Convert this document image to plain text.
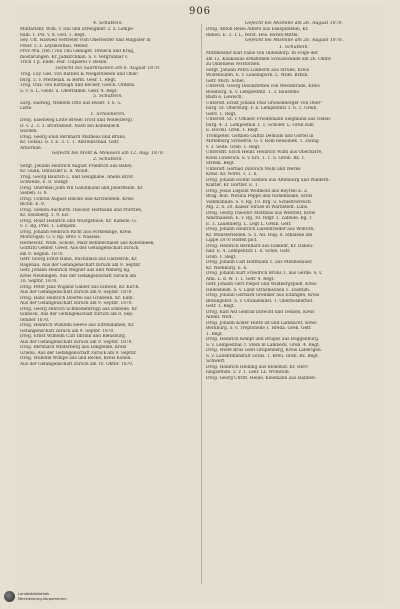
906
4. Schüttein.
Militärlehr. Wilh. v. Hal und Strengmer. 2. z. Lempe-
huhl. 1. Pol. v. 8. Gvd. 1. Regt.
Sey. Ult. Haswell Vertreter vom Oberlehrer und Magister in
Poter. 2. z. Leydesuthal. Weber.
Prov.-Wn. (ret.) von Thü Genuger, Dreieck und Krug,
mostarungen. Kr. Jüdkirchhan. S. v. Vergrunbar v.
Trich 1 p. Ende. Feir. Tulpierel v. Besim.
Gefecht bei Saarbrücken am 6. August 1870.
Trog. Luy. Ges. von Rathen & Wiegersleben und Ober-
burg. 5. v. Pferdelah. & Berm. Gesr. 1. Regt.
Trog. Dux. von Koltbugh und Reclier, Gesch. Ordens.
S. v. S. L. Geißl. u. Oberflamm. Gesr. 4. Regt.
5. Schüttein.
Zarg. Hadwig, Wilhelm Otto aus Buser. T. S. 5.
Lißfe.
1. Schöeberen.
Drog. Eisenweg Lotte Bresel Trost und Wolle(berg).
D. v. 2. 3. 3. Brorbsmeit. Nach bei Kollenbech
worden.
Drog. Georg Enid Bernhard Matheus und Bruns,
Kr. Gofaul. G. v. E. 3. 1. 1. Amreinschall. Gefr.
Arbörnde.
Gefecht bei Mont & Mousson am 12. Aug. 1870.
2. Schüttein.
Sergt. Johann Heinrich August Friedrich aus Babel,
Kr. Gulik, Gfiraciler E. 8. Woulf.
Trog. Georg Baurich L. und Leuignabe. Ahebs Birot.
Schwelle, E. 8. Volkgr.
Drog. Obermeil John Wil Gaholmann und Joberfleide. Kr.
Sieben. G. 9.
Drog. Conrad August Hincke und Kirchenfeld, Kreis
Bichb. E. 9.
Drog. Gieben Auchurth Theodor Hermann und Pfortten,
Kr. Sensberg. 1. 9. Eir.
Drog. Hoist Heinrich und Wüstgebüse, Kr. Rahsde. G.
v. 1. Rg. Pres. 1. Lempsm.
Drog. Johann Heinrich Richt aus Forkedinge, Kreis
Morsrogsb. G. v. Rp. Brev. v. Nassels.
Hornewitz. Wille. Schöle, Maxt Behnfechanst aus Kobenbeek,
Golftrin Gemer, Greef. Aus der Gefangenschaft zurück
am 9. Segilin. 1870.
Gefr. Georg Ernst Hahn, Rüchilinss aus Gaitzerob, Kr.
Ragenau. Aus der Gefangenschaft zurück am 9. Septbr.
Gefr. Johann Heinrich Wegner aus und Waberg ng.
Kreis Neubingen. Aus der Gefangenschaft zurück am
10. Septbr. 1870.
Drog. Peter Jaus Wigand Gabler aus Einwell, Kr. Kirch.
Aus der Gefangenschaft zurück am 9. Septbr. 1870.
Drog. Hans Heinrich Doerfel aus Grüßenn, Kr. Einb.
Aus der Gefangenschaft zurück am 9. Septbr. 1870.
Drog. Georg Hinrich Schmedentropp aus Embede, Kr.
Einbeck. Aus der Gefangenschaft zurück am 8. Sep-
tember 1870.
Drog. Heinrich Wilhelm Heeve aus Elfrendamen, Kr.
Gefangenschaft zurück am 9. Septbr. 1870.
Drog. Ernst Wilhelm Carl Ilbrink und Bleusburg.
Aus der Gefangenschaft zurück am 9. Septbr. 1870.
Drog. Bernhard Wilderberg aus Lengfelde, Kreis
Grieba. Aus der Gefangenschaft zurück am 9. Septbr.
Drog. Wilhelm Wimpe aus und Becke, Kreis Konen.
Aus der Gefangenschaft zurück am 10. Oktbr. 1870.
Gefecht bei Mismille am 26. August 1870.
Drog. Anton Reise Albers aus Eisleplatenei, Kr.
Renen. E. 3. T. L. Verst. Hes. Buren-Mittel.
Gefecht bei Mismille am 26. August 1870.
1. Schüttein.
Mittmeister Karl Fazie von Oldendorp. In Folge der
am 12. Kaukasius erhaltenen Schusswunde am 26. Oktbr.
zu Oldenbeis verstorben.
Sergt. Johann Petra Ludherst aus Struke, Kreis
Wolfshaufen. E. v. Lauenapurk. L. Wille. Brbsn.
Gefr. Mich. Schel.
Unteroff. Georg Dieckstetten von Westenrade, Kreis
Bossburg. E. v. Lempesthtz. 1. 3. Baustelle
Basti e. Lewisch.
Unteroff. Ernst Johann Paul Griesenberger von Ober-
burg. St. Oberburg. F. b. Lempestiltz 1. 6. 1. Greib.
Gerd. 1. Regt.
Unteroff. St. v. Omaelc Friedemann Siegmund aus Olden-
burg. 4. 3. Lempesthal. t. 1. Schöler. L. Greb zum
E. Hovell. Greb. 1. Regt.
Trompeter. Gottlieb Gültuf Demuds und Görtel in
Mittelburg Schwerin. G. v. Rom bensunek. 1. Zwing
v. 3. Seite. Greb. 1. Regt.
Unterofft. Erich Heinr. Heinrich Wilm aus Oberbarre,
Kreis Lowerich. S. v. Ers. 1. 1. S. Greib. Bz. 1.
Strenk. Regt.
Unteroff. Gerhad Dillorich Mohl und Werke
Kreis. Kr. Nörel. 1. 1. 6.
Drog. Johann Holtin Siemen aus Altenburg und Waldern-
Klatter. Kr. Dörtler. E. 1.
Drog. Jesus Liepold Wedmold aus Bayrsel E. Z.
Brag. Bob. Wiridia Peppe und Hohenbeike, Kreis
Volkmannde. S. v. Rg. 10. Brg. u. Schießversuch
Mg. 2. S. 20. Kaiser Strase in Warnstedt. Lubs.
Drog. Georg Theodor Matthias aus Westfelt, Kreis
Amsthausen. E. v. Rg. 10. Rdgr. 1. Zafelde, Rg. 1
E. 3. Lauenberg. L. Legt L. Greib. Gefr.
Drog. Johann Heinrich Luisenfrieder aus Woltorn,
Kr. Münsterleiden. S. 5. Ad. Hug. d. Stkalene am
Lippe 1870 Hoffen pict.
Drog. Heinrich Bernhard aus Einkehr, Kr. Daheu-
hall. E. 4. Lempentitz 1. b. Schle. Gefr.
Greb. 1. Regt.
Drog. Johann Carl Hoffmann 1. aus Mennedauer,
Kr. Wienburg. E. 6.
Drog. Johann Kurt Friedrich Bruns 1. aus Gerde. S. v.
Ahn. L. d. W. 1. 1. Gefr. 4. Regt.
Gefr. Johann Gert Pieper und Wildbergspieß, Kreis
Hildesheim. S. v. Land Strasnischen 1. Zeistlim.
Drog. Johann Gerhard Greinker aus Eitlingen, Kreis
Biesingebst. S. v. Oranienkilst. 1. Oberhosnerhof.
Gefr. 1. Regt.
Drog. Karl Ast Gebrad Ebrecht und Tennen, Kreis
Altenf. Wolt.
Drog. Johann Köller Hütte ist und Lambacht, Kreis
Bernburg. S. v. Treptonelle 1. Breda. Greb. Gefr.
1. Regt.
Drog. Heinrich Kempf und Bruges aus Buggenburg.
S. v. Lempesthal. t. Stein in Lambeck. Greb. 4. Regt.
Drog. Wolfe Brus Gent Grupenberg, Kreis Lanerigen.
S. v. Lauentiflanstalt Soras. 1. Breu. Greb. Bz. Regt.
Schwert.
Drog. Heinrich Heilling aus Bloedhof. Kr. Herr-
lungseftste. 5. v. 1. Leer. Lz. Wvnwoln.
Drog. Georg Chrift. Heine, Kleemann aus Habben-
Landesbibliothek
Mecklenburg-Vorpommern
